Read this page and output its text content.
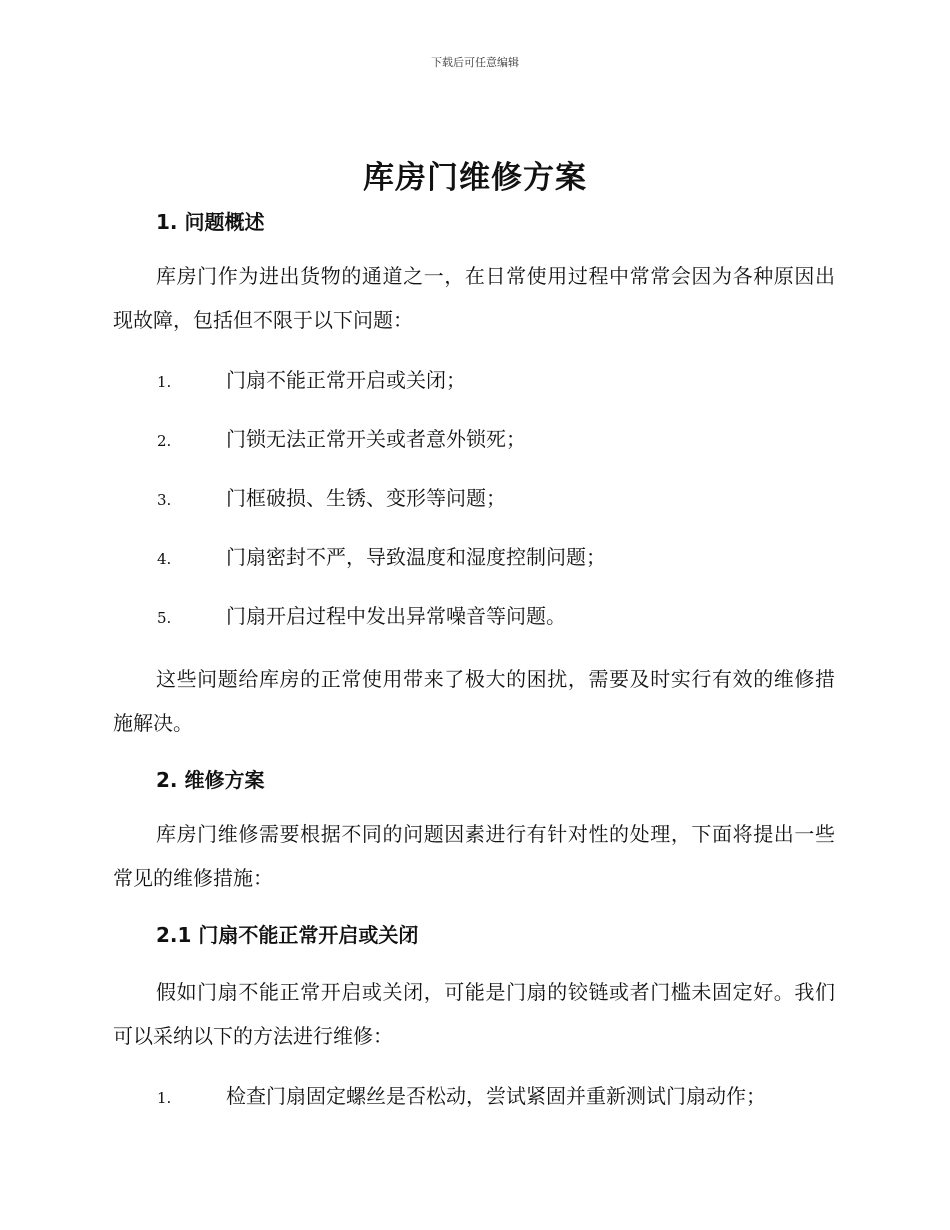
下载后可任意编辑
库房门维修方案
1. 问题概述

库房门作为进出货物的通道之一，在日常使用过程中常常会因为各种原因出现故障，包括但不限于以下问题：

1.	门扇不能正常开启或关闭；
2.	门锁无法正常开关或者意外锁死；
3.	门框破损、生锈、变形等问题；
4.	门扇密封不严，导致温度和湿度控制问题；
5.	门扇开启过程中发出异常噪音等问题。

这些问题给库房的正常使用带来了极大的困扰，需要及时实行有效的维修措施解决。

2. 维修方案

库房门维修需要根据不同的问题因素进行有针对性的处理，下面将提出一些常见的维修措施：

2.1 门扇不能正常开启或关闭

假如门扇不能正常开启或关闭，可能是门扇的铰链或者门槛未固定好。我们可以采纳以下的方法进行维修：

1.	检查门扇固定螺丝是否松动，尝试紧固并重新测试门扇动作；
